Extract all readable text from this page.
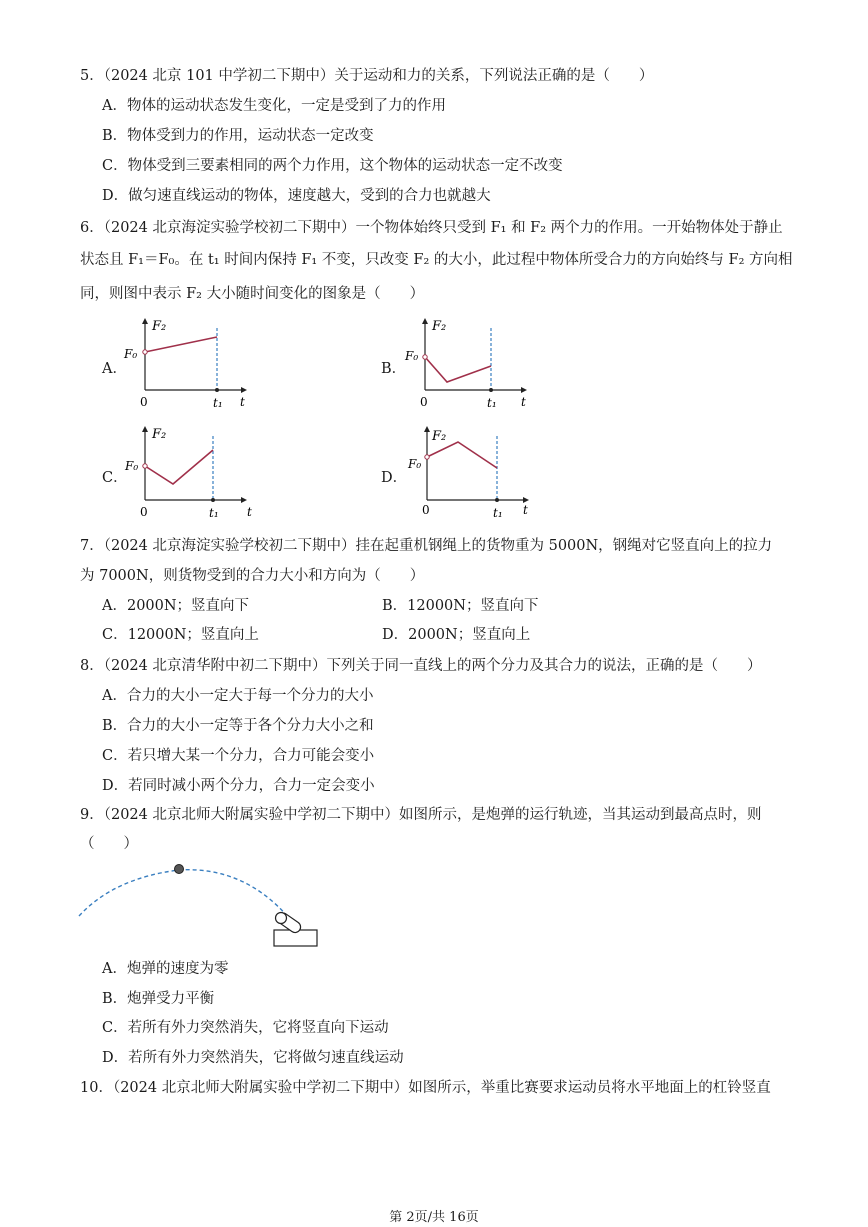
5．（2024 北京 101 中学初二下期中）关于运动和力的关系，下列说法正确的是（　　）
A．物体的运动状态发生变化，一定是受到了力的作用
B．物体受到力的作用，运动状态一定改变
C．物体受到三要素相同的两个力作用，这个物体的运动状态一定不改变
D．做匀速直线运动的物体，速度越大，受到的合力也就越大
6．（2024 北京海淀实验学校初二下期中）一个物体始终只受到 F₁ 和 F₂ 两个力的作用。一开始物体处于静止
状态且 F₁＝F₀。在 t₁ 时间内保持 F₁ 不变，只改变 F₂ 的大小，此过程中物体所受合力的方向始终与 F₂ 方向相
同，则图中表示 F₂ 大小随时间变化的图象是（　　）
A．
F₂
F₀
0	t₁ t
B．
F₂
F₀
0	t₁ t
C．
F₂
F₀
0	t₁ t
D．
F₂
F₀
0	t₁ t
7．（2024 北京海淀实验学校初二下期中）挂在起重机钢绳上的货物重为 5000N，钢绳对它竖直向上的拉力
为 7000N，则货物受到的合力大小和方向为（　　）
A．2000N；竖直向下	B．12000N；竖直向下
C．12000N；竖直向上	D．2000N；竖直向上
8．（2024 北京清华附中初二下期中）下列关于同一直线上的两个分力及其合力的说法，正确的是（　　）
A．合力的大小一定大于每一个分力的大小
B．合力的大小一定等于各个分力大小之和
C．若只增大某一个分力，合力可能会变小
D．若同时减小两个分力，合力一定会变小
9．（2024 北京北师大附属实验中学初二下期中）如图所示，是炮弹的运行轨迹，当其运动到最高点时，则
（　　）
A．炮弹的速度为零
B．炮弹受力平衡
C．若所有外力突然消失，它将竖直向下运动
D．若所有外力突然消失，它将做匀速直线运动
10．（2024 北京北师大附属实验中学初二下期中）如图所示，举重比赛要求运动员将水平地面上的杠铃竖直
第 2页/共 16页
